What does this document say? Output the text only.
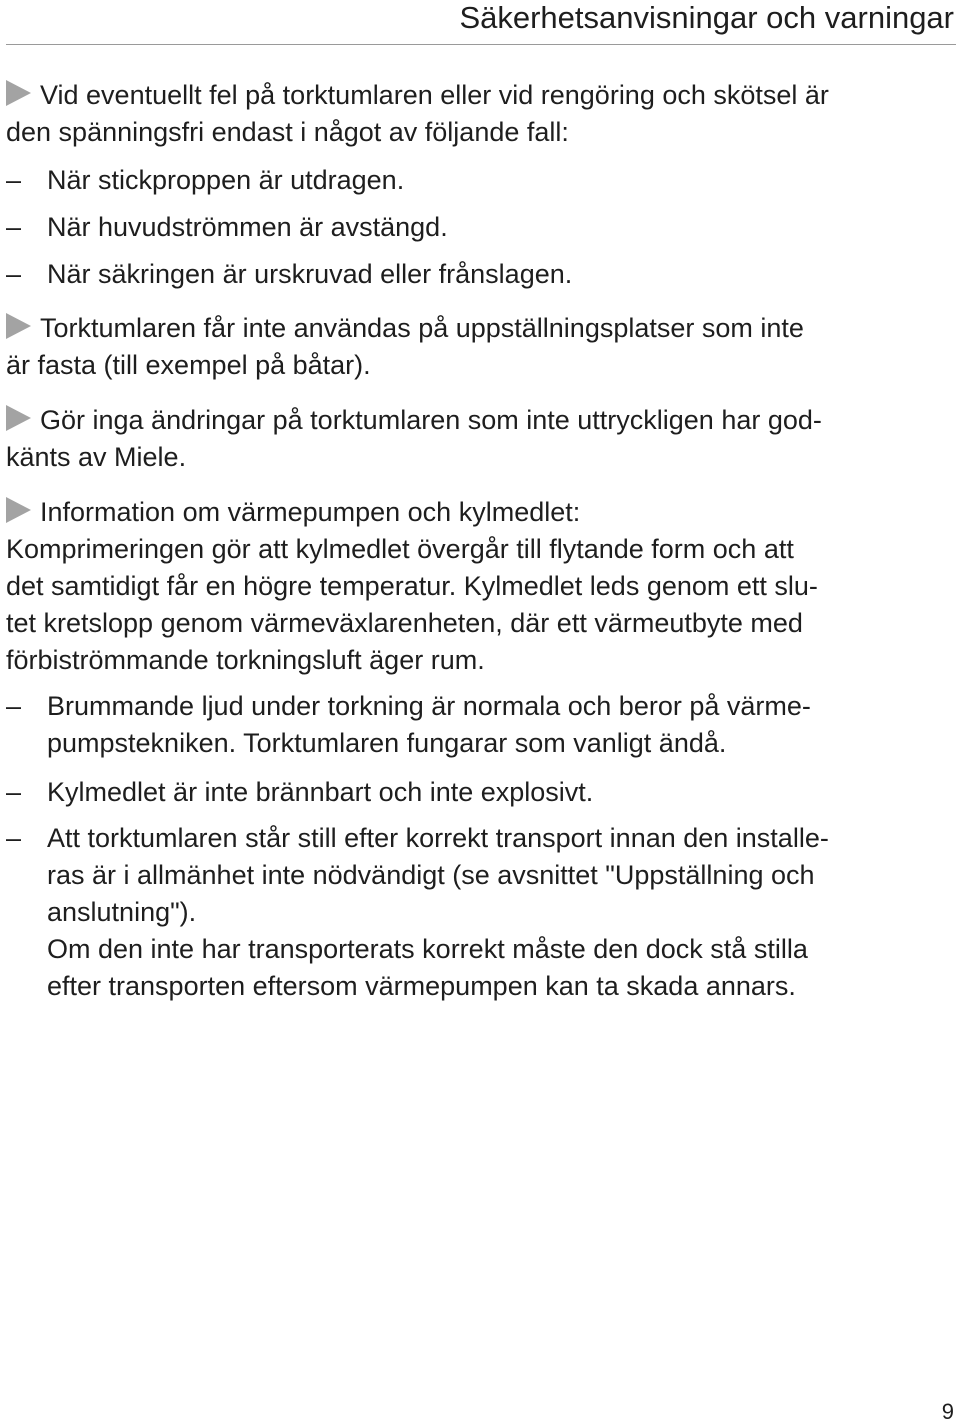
Säkerhetsanvisningar och varningar
Vid eventuellt fel på torktumlaren eller vid rengöring och skötsel är
den spänningsfri endast i något av följande fall:
– När stickproppen är utdragen.
– När huvudströmmen är avstängd.
– När säkringen är urskruvad eller frånslagen.
Torktumlaren får inte användas på uppställningsplatser som inte
är fasta (till exempel på båtar).
Gör inga ändringar på torktumlaren som inte uttryckligen har god-
känts av Miele.
Information om värmepumpen och kylmedlet:
Komprimeringen gör att kylmedlet övergår till flytande form och att
det samtidigt får en högre temperatur. Kylmedlet leds genom ett slu-
tet kretslopp genom värmeväxlarenheten, där ett värmeutbyte med
förbiströmmande torkningsluft äger rum.
– Brummande ljud under torkning är normala och beror på värme-
pumpstekniken. Torktumlaren fungarar som vanligt ändå.
– Kylmedlet är inte brännbart och inte explosivt.
– Att torktumlaren står still efter korrekt transport innan den installe-
ras är i allmänhet inte nödvändigt (se avsnittet "Uppställning och
anslutning").
Om den inte har transporterats korrekt måste den dock stå stilla
efter transporten eftersom värmepumpen kan ta skada annars.
9
